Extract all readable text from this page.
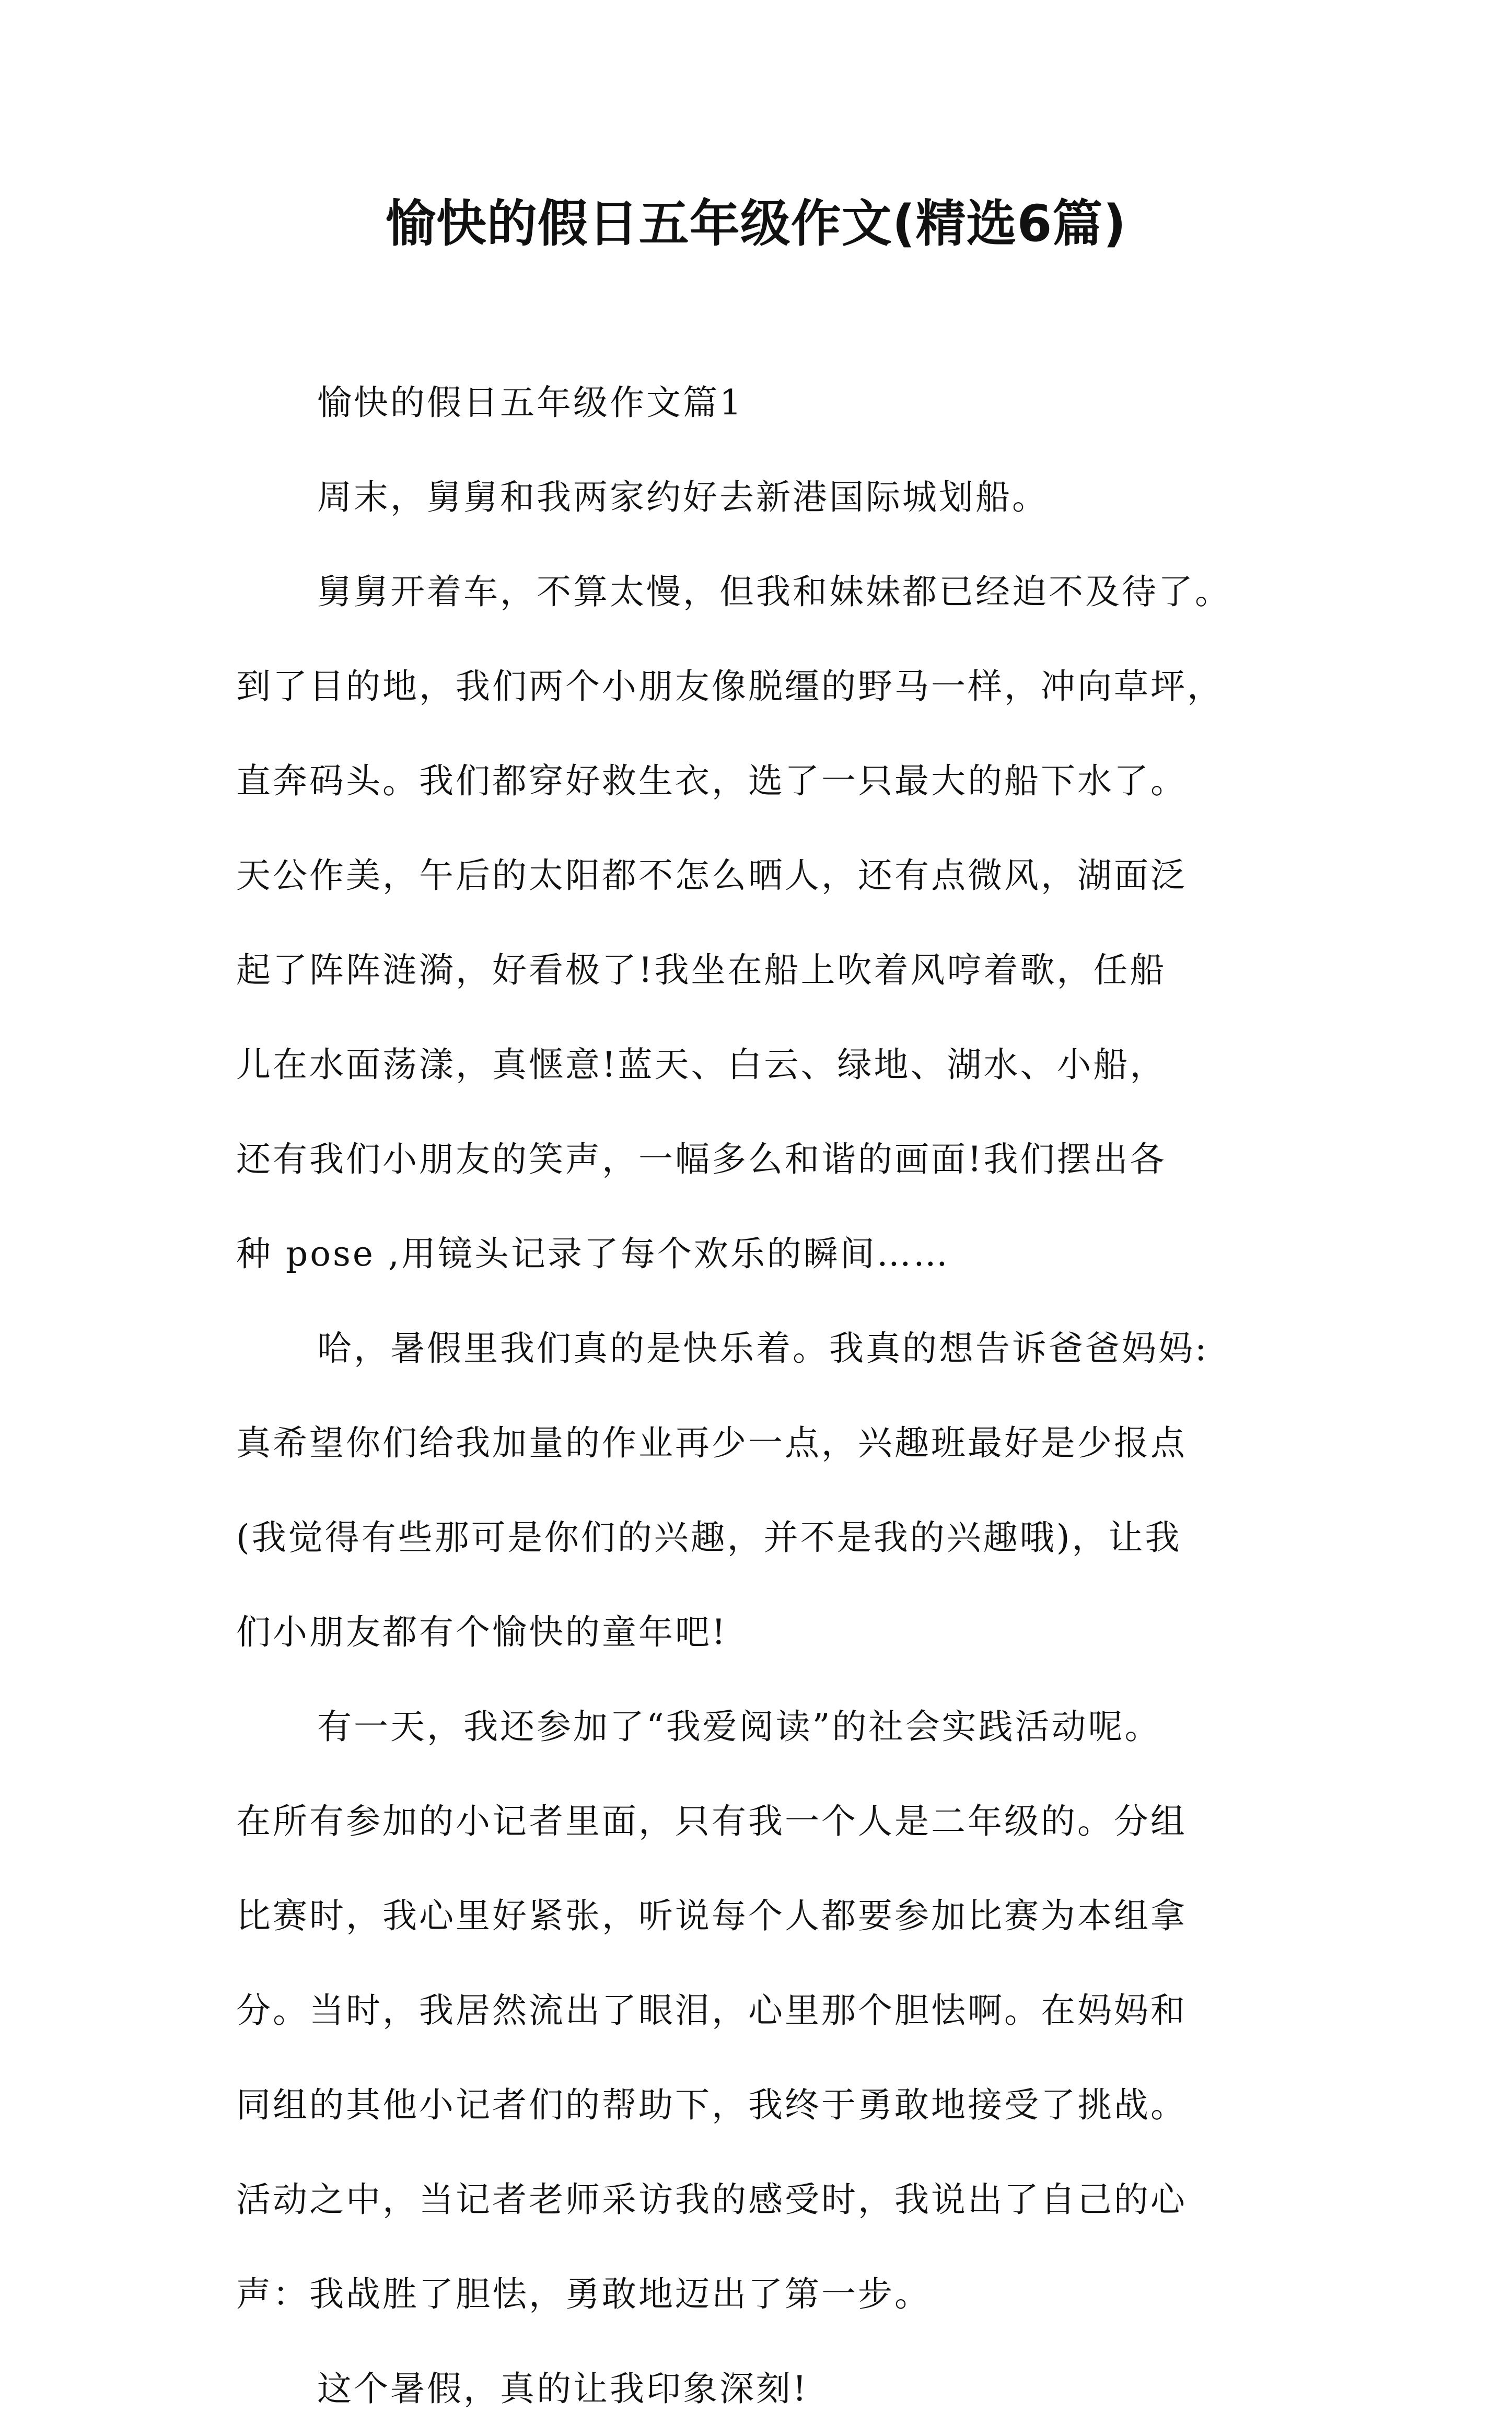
愉快的假日五年级作文(精选6篇)
愉快的假日五年级作文篇1
周末，舅舅和我两家约好去新港国际城划船。
舅舅开着车，不算太慢，但我和妹妹都已经迫不及待了。
到了目的地，我们两个小朋友像脱缰的野马一样，冲向草坪，
直奔码头。我们都穿好救生衣，选了一只最大的船下水了。
天公作美，午后的太阳都不怎么晒人，还有点微风，湖面泛
起了阵阵涟漪，好看极了!我坐在船上吹着风哼着歌，任船
儿在水面荡漾，真惬意!蓝天、白云、绿地、湖水、小船，
还有我们小朋友的笑声，一幅多么和谐的画面!我们摆出各
种 pose ,用镜头记录了每个欢乐的瞬间……
哈，暑假里我们真的是快乐着。我真的想告诉爸爸妈妈:
真希望你们给我加量的作业再少一点，兴趣班最好是少报点
(我觉得有些那可是你们的兴趣，并不是我的兴趣哦)，让我
们小朋友都有个愉快的童年吧!
有一天，我还参加了“我爱阅读”的社会实践活动呢。
在所有参加的小记者里面，只有我一个人是二年级的。分组
比赛时，我心里好紧张，听说每个人都要参加比赛为本组拿
分。当时，我居然流出了眼泪，心里那个胆怯啊。在妈妈和
同组的其他小记者们的帮助下，我终于勇敢地接受了挑战。
活动之中，当记者老师采访我的感受时，我说出了自己的心
声：我战胜了胆怯，勇敢地迈出了第一步。
这个暑假，真的让我印象深刻!
